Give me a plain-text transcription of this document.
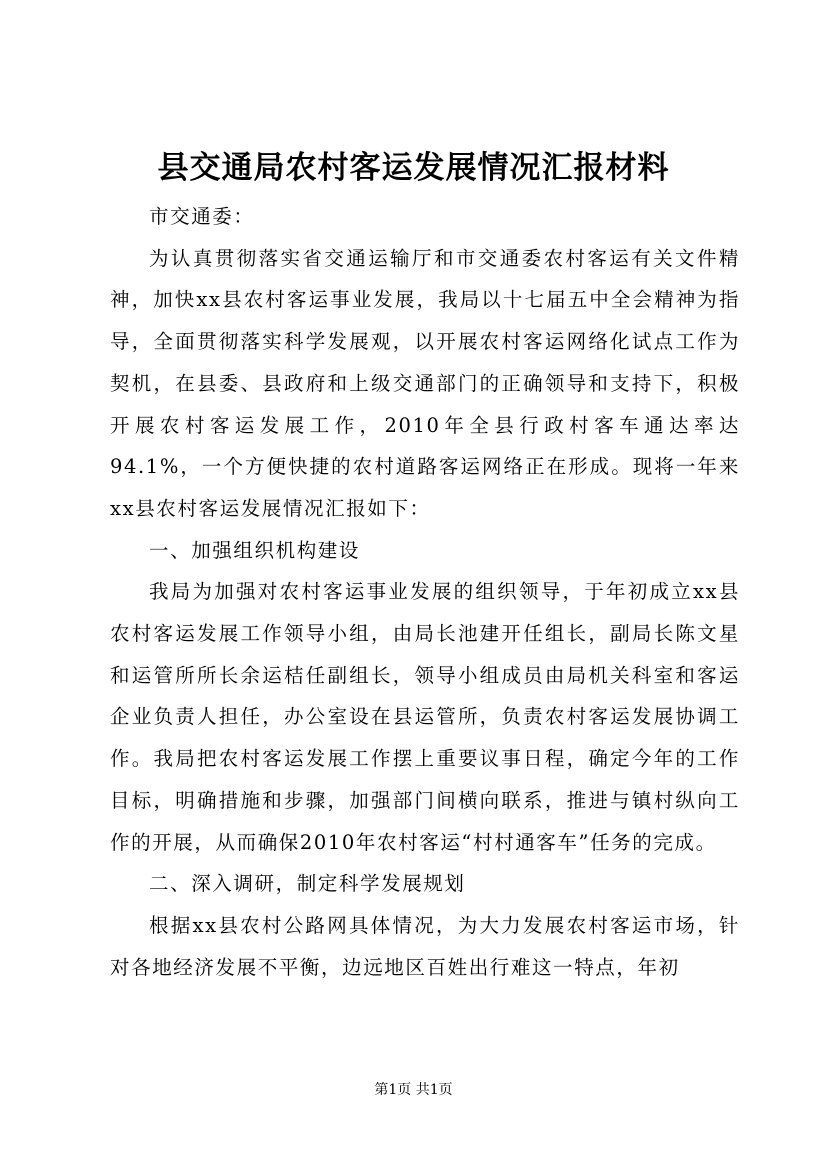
县交通局农村客运发展情况汇报材料

市交通委：

为认真贯彻落实省交通运输厅和市交通委农村客运有关文件精神，加快xx县农村客运事业发展，我局以十七届五中全会精神为指导，全面贯彻落实科学发展观，以开展农村客运网络化试点工作为契机，在县委、县政府和上级交通部门的正确领导和支持下，积极开展农村客运发展工作，2010年全县行政村客车通达率达94.1%，一个方便快捷的农村道路客运网络正在形成。现将一年来xx县农村客运发展情况汇报如下：

一、加强组织机构建设

我局为加强对农村客运事业发展的组织领导，于年初成立xx县农村客运发展工作领导小组，由局长池建开任组长，副局长陈文星和运管所所长余运桔任副组长，领导小组成员由局机关科室和客运企业负责人担任，办公室设在县运管所，负责农村客运发展协调工作。我局把农村客运发展工作摆上重要议事日程，确定今年的工作目标，明确措施和步骤，加强部门间横向联系，推进与镇村纵向工作的开展，从而确保2010年农村客运“村村通客车”任务的完成。

二、深入调研，制定科学发展规划

根据xx县农村公路网具体情况，为大力发展农村客运市场，针对各地经济发展不平衡，边远地区百姓出行难这一特点，年初

第1页 共1页
